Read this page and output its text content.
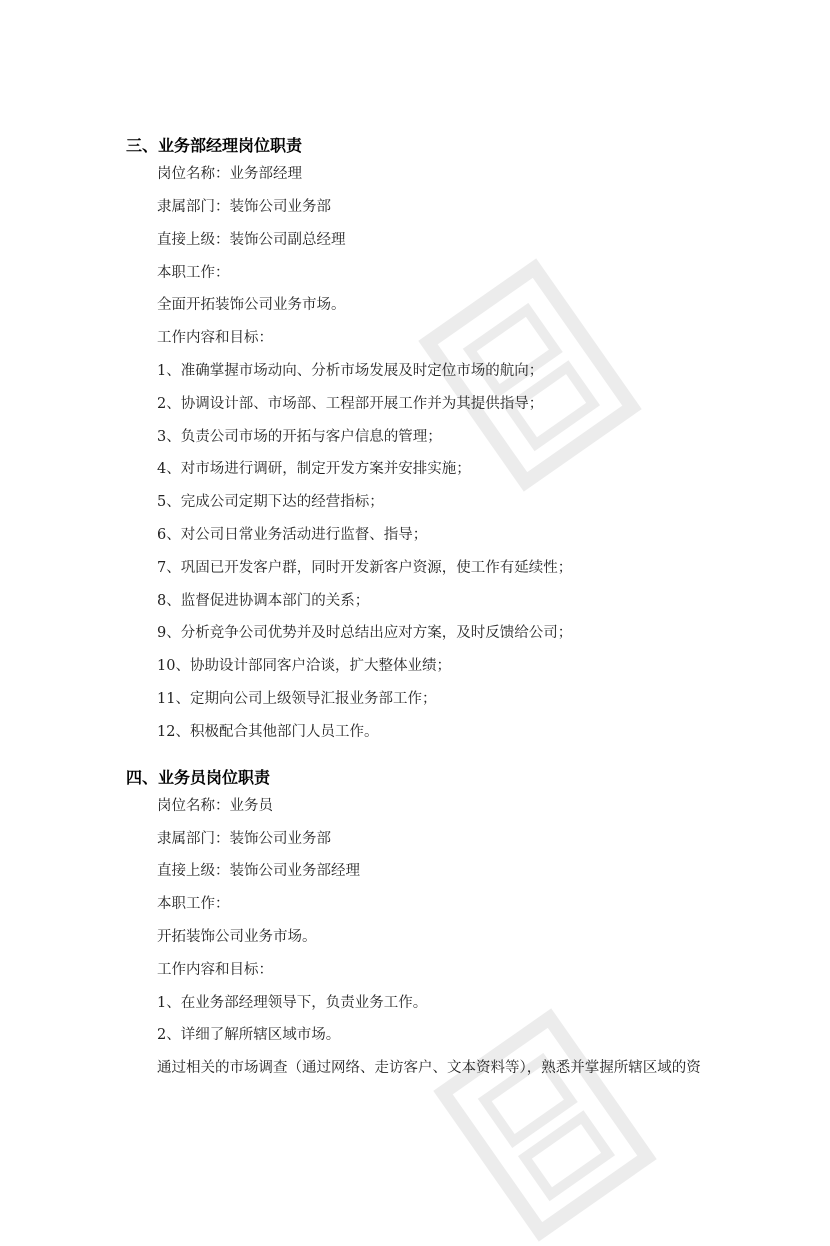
三、业务部经理岗位职责
岗位名称：业务部经理
隶属部门：装饰公司业务部
直接上级：装饰公司副总经理
本职工作：
全面开拓装饰公司业务市场。
工作内容和目标：
1、准确掌握市场动向、分析市场发展及时定位市场的航向；
2、协调设计部、市场部、工程部开展工作并为其提供指导；
3、负责公司市场的开拓与客户信息的管理；
4、对市场进行调研，制定开发方案并安排实施；
5、完成公司定期下达的经营指标；
6、对公司日常业务活动进行监督、指导；
7、巩固已开发客户群，同时开发新客户资源，使工作有延续性；
8、监督促进协调本部门的关系；
9、分析竞争公司优势并及时总结出应对方案，及时反馈给公司；
10、协助设计部同客户洽谈，扩大整体业绩；
11、定期向公司上级领导汇报业务部工作；
12、积极配合其他部门人员工作。
四、业务员岗位职责
岗位名称：业务员
隶属部门：装饰公司业务部
直接上级：装饰公司业务部经理
本职工作：
开拓装饰公司业务市场。
工作内容和目标：
1、在业务部经理领导下，负责业务工作。
2、详细了解所辖区域市场。
通过相关的市场调查（通过网络、走访客户、文本资料等），熟悉并掌握所辖区域的资
